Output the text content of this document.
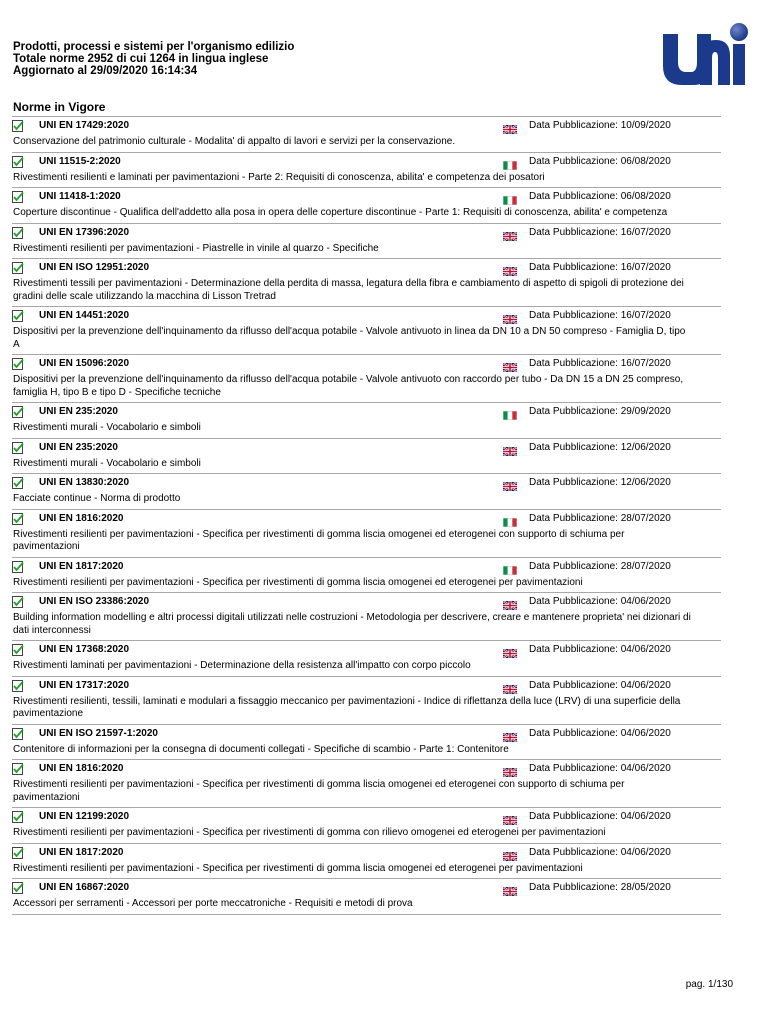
Prodotti, processi e sistemi per l'organismo edilizio
Totale norme 2952 di cui 1264 in lingua inglese
Aggiornato al 29/09/2020 16:14:34
Norme in Vigore
UNI EN 17429:2020	Data Pubblicazione: 10/09/2020
Conservazione del patrimonio culturale - Modalita' di appalto di lavori e servizi per la conservazione.
UNI 11515-2:2020	Data Pubblicazione: 06/08/2020
Rivestimenti resilienti e laminati per pavimentazioni - Parte 2: Requisiti di conoscenza, abilita' e competenza dei posatori
UNI 11418-1:2020	Data Pubblicazione: 06/08/2020
Coperture discontinue - Qualifica dell'addetto alla posa in opera delle coperture discontinue - Parte 1: Requisiti di conoscenza, abilita' e competenza
UNI EN 17396:2020	Data Pubblicazione: 16/07/2020
Rivestimenti resilienti per pavimentazioni - Piastrelle in vinile al quarzo - Specifiche
UNI EN ISO 12951:2020	Data Pubblicazione: 16/07/2020
Rivestimenti tessili per pavimentazioni - Determinazione della perdita di massa, legatura della fibra e cambiamento di aspetto di spigoli di protezione dei gradini delle scale utilizzando la macchina di Lisson Tretrad
UNI EN 14451:2020	Data Pubblicazione: 16/07/2020
Dispositivi per la prevenzione dell'inquinamento da riflusso dell'acqua potabile - Valvole antivuoto in linea da DN 10 a DN 50 compreso - Famiglia D, tipo A
UNI EN 15096:2020	Data Pubblicazione: 16/07/2020
Dispositivi per la prevenzione dell'inquinamento da riflusso dell'acqua potabile - Valvole antivuoto con raccordo per tubo - Da DN 15 a DN 25 compreso, famiglia H, tipo B e tipo D - Specifiche tecniche
UNI EN 235:2020	Data Pubblicazione: 29/09/2020
Rivestimenti murali - Vocabolario e simboli
UNI EN 235:2020	Data Pubblicazione: 12/06/2020
Rivestimenti murali - Vocabolario e simboli
UNI EN 13830:2020	Data Pubblicazione: 12/06/2020
Facciate continue - Norma di prodotto
UNI EN 1816:2020	Data Pubblicazione: 28/07/2020
Rivestimenti resilienti per pavimentazioni - Specifica per rivestimenti di gomma liscia omogenei ed eterogenei con supporto di schiuma per pavimentazioni
UNI EN 1817:2020	Data Pubblicazione: 28/07/2020
Rivestimenti resilienti per pavimentazioni - Specifica per rivestimenti di gomma liscia omogenei ed eterogenei per pavimentazioni
UNI EN ISO 23386:2020	Data Pubblicazione: 04/06/2020
Building information modelling e altri processi digitali utilizzati nelle costruzioni - Metodologia per descrivere, creare e mantenere proprieta' nei dizionari di dati interconnessi
UNI EN 17368:2020	Data Pubblicazione: 04/06/2020
Rivestimenti laminati per pavimentazioni - Determinazione della resistenza all'impatto con corpo piccolo
UNI EN 17317:2020	Data Pubblicazione: 04/06/2020
Rivestimenti resilienti, tessili, laminati e modulari a fissaggio meccanico per pavimentazioni - Indice di riflettanza della luce (LRV) di una superficie della pavimentazione
UNI EN ISO 21597-1:2020	Data Pubblicazione: 04/06/2020
Contenitore di informazioni per la consegna di documenti collegati - Specifiche di scambio - Parte 1: Contenitore
UNI EN 1816:2020	Data Pubblicazione: 04/06/2020
Rivestimenti resilienti per pavimentazioni - Specifica per rivestimenti di gomma liscia omogenei ed eterogenei con supporto di schiuma per pavimentazioni
UNI EN 12199:2020	Data Pubblicazione: 04/06/2020
Rivestimenti resilienti per pavimentazioni - Specifica per rivestimenti di gomma con rilievo omogenei ed eterogenei per pavimentazioni
UNI EN 1817:2020	Data Pubblicazione: 04/06/2020
Rivestimenti resilienti per pavimentazioni - Specifica per rivestimenti di gomma liscia omogenei ed eterogenei per pavimentazioni
UNI EN 16867:2020	Data Pubblicazione: 28/05/2020
Accessori per serramenti - Accessori per porte meccatroniche - Requisiti e metodi di prova
pag. 1/130
